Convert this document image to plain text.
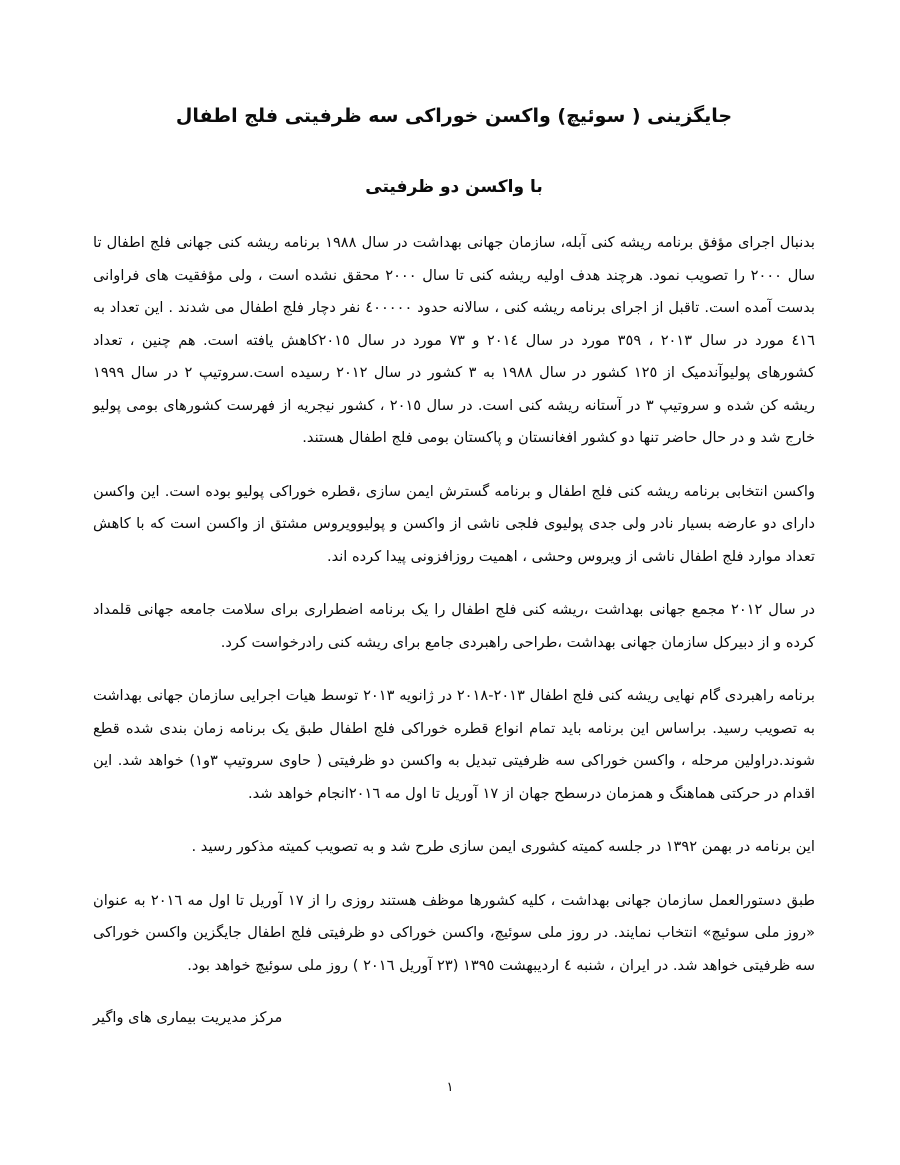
جایگزینی ( سوئیچ) واکسن خوراکی سه ظرفیتی فلج اطفال
با واکسن دو ظرفیتی

بدنبال اجرای مؤفق برنامه ریشه کنی آبله، سازمان جهانی بهداشت در سال ١٩٨٨ برنامه ریشه کنی جهانی فلج اطفال تا سال ٢٠٠٠ را تصویب نمود. هرچند هدف اولیه ریشه کنی تا سال ٢٠٠٠ محقق نشده است ، ولی مؤفقیت های فراوانی بدست آمده است. تاقبل از اجرای برنامه ریشه کنی ، سالانه حدود ٤٠٠٠٠٠ نفر دچار فلج اطفال می شدند . این تعداد به ٤١٦ مورد در سال ٢٠١٣ ، ٣٥٩ مورد در سال ٢٠١٤ و ٧٣ مورد در سال ٢٠١٥کاهش یافته است. هم چنین ، تعداد کشورهای پولیوآندمیک از ١٢٥ کشور در سال ١٩٨٨ به ٣ کشور در سال ٢٠١٢ رسیده است.سروتیپ ٢ در سال ١٩٩٩ ریشه کن شده و سروتیپ ٣ در آستانه ریشه کنی است. در سال ٢٠١٥ ، کشور نیجریه از فهرست کشورهای بومی پولیو خارج شد و در حال حاضر تنها دو کشور افغانستان و پاکستان بومی فلج اطفال هستند.

واکسن انتخابی برنامه ریشه کنی فلج اطفال و برنامه گسترش ایمن سازی ،قطره خوراکی پولیو بوده است. این واکسن دارای دو عارضه بسیار نادر ولی جدی پولیوی فلجی ناشی از واکسن و پولیوویروس مشتق از واکسن است که با کاهش تعداد موارد فلج اطفال ناشی از ویروس وحشی ، اهمیت روزافزونی پیدا کرده اند.

در سال ٢٠١٢ مجمع جهانی بهداشت ،ریشه کنی فلج اطفال را یک برنامه اضطراری برای سلامت جامعه جهانی قلمداد کرده و از دبیرکل سازمان جهانی بهداشت ،طراحی راهبردی جامع برای ریشه کنی رادرخواست کرد.

برنامه راهبردی گام نهایی ریشه کنی فلج اطفال ٢٠١٣-٢٠١٨ در ژانویه ٢٠١٣ توسط هیات اجرایی سازمان جهانی بهداشت به تصویب رسید. براساس این برنامه باید تمام انواع قطره خوراکی فلج اطفال طبق یک برنامه زمان بندی شده قطع شوند.دراولین مرحله ، واکسن خوراکی سه ظرفیتی تبدیل به واکسن دو ظرفیتی ( حاوی سروتیپ ٣و١) خواهد شد. این اقدام در حرکتی هماهنگ و همزمان درسطح جهان از ١٧ آوریل تا اول مه ٢٠١٦انجام خواهد شد.

این برنامه در بهمن ١٣٩٢ در جلسه کمیته کشوری ایمن سازی طرح شد و به تصویب کمیته مذکور رسید .

طبق دستورالعمل سازمان جهانی بهداشت ، کلیه کشورها موظف هستند روزی را از ١٧ آوریل تا اول مه ٢٠١٦ به عنوان «روز ملی سوئیچ» انتخاب نمایند. در روز ملی سوئیچ، واکسن خوراکی دو ظرفیتی فلج اطفال جایگزین واکسن خوراکی سه ظرفیتی خواهد شد. در ایران ، شنبه ٤ اردیبهشت ١٣٩٥ (٢٣ آوریل ٢٠١٦ ) روز ملی سوئیچ خواهد بود.

مرکز مدیریت بیماری های واگیر
١
